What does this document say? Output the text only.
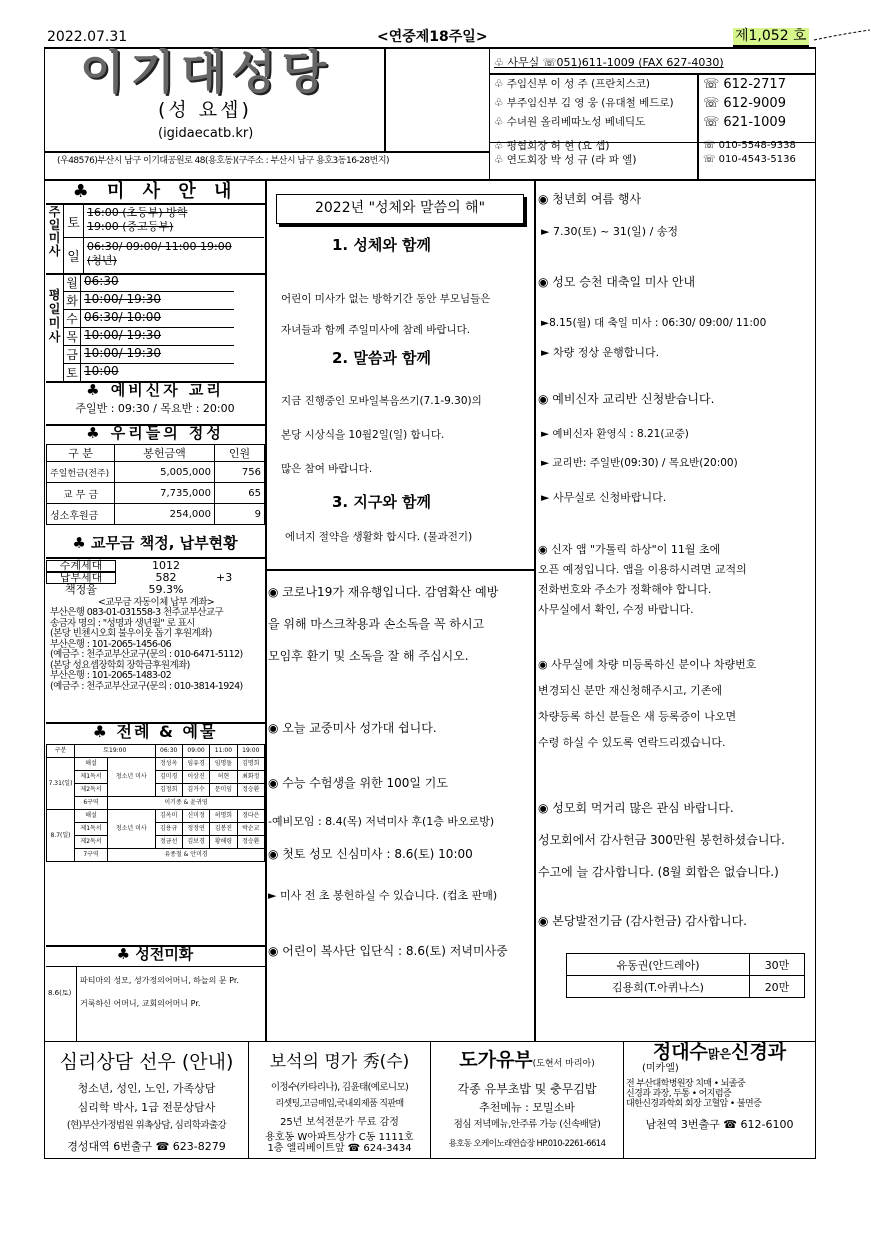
2022.07.31	<연중제18주일>	제1,052 호
이기대성당
(성 요셉)
(igidaecatb.kr)
(우48576)부산시 남구 이기대공원로 48(용호동)(구주소 : 부산시 남구 용호3동16-28번지)
♧ 사무실 ☏051)611-1009 (FAX 627-4030)
♧ 주임신부 이 성 주 (프란치스코)
♧ 부주임신부 김 영 웅 (유대철 베드로)
♧ 수녀원 올리베따노성 베네딕도
♧ 평협회장 허 현 (요 셉)
♧ 연도회장 박 성 규 (라 파 엘)
☏ 612-2717
☏ 612-9009
☏ 621-1009
☏ 010-5548-9338
☏ 010-4543-5136
♣ 미 사 안 내
주일미사
토
16:00 (초등부) 방학 19:00 (중고등부)
일
06:30/ 09:00/ 11:00 19:00 (청년)
평일미사
월 06:30
화 10:00/ 19:30
수 06:30/ 10:00
목 10:00/ 19:30
금 10:00/ 19:30
토 10:00
♣ 예비신자 교리
주일반 : 09:30 / 목요반 : 20:00
♣ 우리들의 정성
구 분	봉헌금액	인원
주일헌금(전주)	5,005,000	756
교 무 금	7,735,000	65
성소후원금	254,000	9
♣ 교무금 책정, 납부현황
수계세대	1012
납부세대	582	+3
책정율	59.3%
<교무금 자동이체 납부 계좌>
부산은행 083-01-031558-3 천주교부산교구
송금자 명의 : "성명과 생년월" 로 표시
(본당 빈첸시오회 불우이웃 돕기 후원계좌)
부산은행 : 101-2065-1456-06
(예금주 : 천주교부산교구(문의 : 010-6471-5112)
(본당 성요셉장학회 장학금후원계좌)
부산은행 : 101-2065-1483-02
(예금주 : 천주교부산교구(문의 : 010-3814-1924)
♣ 전례 & 예물
구분	토19:00		06:30	09:00	11:00	19:00
7.31(일)	해설	청소년 미사	정성옥	임유경	임명돌	김명희
	제1독서		김미경	이상진	허현	최화정
	제2독서		김정희	김거수	문미임	정승환
	6구역	이기종 & 윤귀영				
8.7(일)	해설	청소년 미사	김옥미	신미정	허명희	정다은
	제1독서		김용규	정정연	김봉진	박순교
	제2독서		정금선	김보경	황해령	정승환
	7구역	유종철 & 안미경				
♣ 성전미화
8.6(토)
파티마의 성모, 성가정의어머니, 하늘의 문 Pr.
거룩하신 어머니, 교회의어머니 Pr.
2022년 "성체와 말씀의 해"
1. 성체와 함께
어린이 미사가 없는 방학기간 동안 부모님들은
자녀들과 함께 주일미사에 참례 바랍니다.
2. 말씀과 함께
지금 진행중인 모바일복음쓰기(7.1-9.30)의
본당 시상식을 10월2일(일) 합니다.
많은 참여 바랍니다.
3. 지구와 함께
에너지 절약을 생활화 합시다. (물과전기)
◉ 코로나19가 재유행입니다. 감염확산 예방
을 위해 마스크착용과 손소독을 꼭 하시고
모임후 환기 및 소독을 잘 해 주십시오.
◉ 오늘 교중미사 성가대 쉽니다.
◉ 수능 수험생을 위한 100일 기도
-예비모임 : 8.4(목) 저녁미사 후(1층 바오로방)
◉ 첫토 성모 신심미사 : 8.6(토) 10:00
► 미사 전 초 봉헌하실 수 있습니다. (컵초 판매)
◉ 어린이 복사단 입단식 : 8.6(토) 저녁미사중
◉ 청년회 여름 행사
► 7.30(토) ~ 31(일) / 송정
◉ 성모 승천 대축일 미사 안내
►8.15(월) 대 축일 미사 : 06:30/ 09:00/ 11:00
► 차량 정상 운행합니다.
◉ 예비신자 교리반 신청받습니다.
► 예비신자 환영식 : 8.21(교중)
► 교리반: 주일반(09:30) / 목요반(20:00)
► 사무실로 신청바랍니다.
◉ 신자 앱 "가톨릭 하상"이 11월 초에
오픈 예정입니다. 앱을 이용하시려면 교적의
전화번호와 주소가 정확해야 합니다.
사무실에서 확인, 수정 바랍니다.
◉ 사무실에 차량 미등록하신 분이나 차량번호
변경되신 분만 재신청해주시고, 기존에
차량등록 하신 분들은 새 등록증이 나오면
수령 하실 수 있도록 연락드리겠습니다.
◉ 성모회 먹거리 많은 관심 바랍니다.
성모회에서 감사헌금 300만원 봉헌하셨습니다.
수고에 늘 감사합니다. (8월 회합은 없습니다.)
◉ 본당발전기금 (감사헌금) 감사합니다.
유동권(안드레아)	30만
김용희(T.아퀴나스)	20만
심리상담 선우 (안내)
청소년, 성인, 노인, 가족상담
심리학 박사, 1급 전문상담사
(현)부산가정법원 위촉상담, 심리학과출강
경성대역 6번출구 ☎ 623-8279
보석의 명가 秀(수)
이정수(카타리나), 김윤태(예로니모)
리셋팅,고금매입,국내외제품 직판매
25년 보석전문가 무료 감정
용호동 W아파트상가 C동 1111호
1층 엘리베이트앞 ☎ 624-3434
도가유부(도현서 마리아)
각종 유부초밥 및 충무김밥
추천메뉴 : 모밀소바
점심 저녁메뉴,안주류 가능 (신속배달)
용호동 오케이노래연습장 HP.010-2261-6614
정대수맑은신경과
(미카엘)
전 부산대학병원장 치매 • 뇌졸중
신경과 과장, 두통 • 어지럼증
대한신경과학회 회장 고혈압 • 불면증
남천역 3번출구 ☎ 612-6100
